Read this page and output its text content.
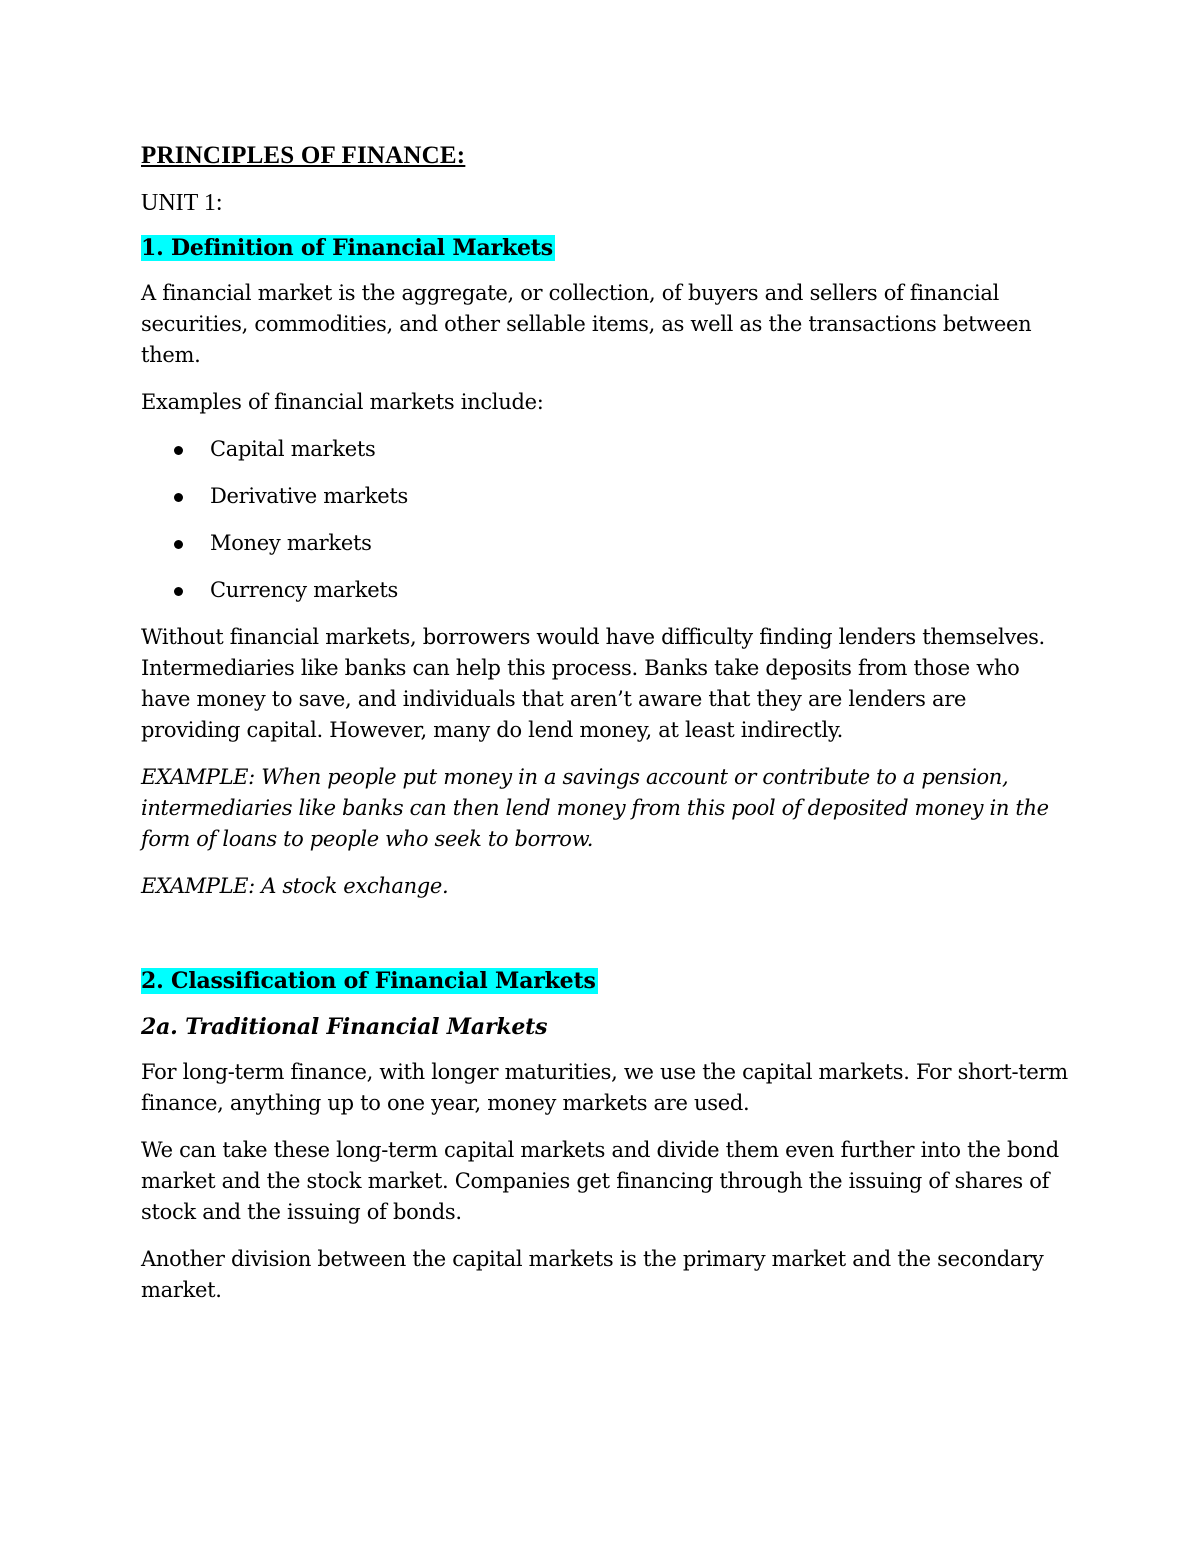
PRINCIPLES OF FINANCE:
UNIT 1:
1. Definition of Financial Markets

A financial market is the aggregate, or collection, of buyers and sellers of financial securities, commodities, and other sellable items, as well as the transactions between them.

Examples of financial markets include:

Capital markets
Derivative markets
Money markets
Currency markets

Without financial markets, borrowers would have difficulty finding lenders themselves. Intermediaries like banks can help this process. Banks take deposits from those who have money to save, and individuals that aren’t aware that they are lenders are providing capital. However, many do lend money, at least indirectly.

EXAMPLE: When people put money in a savings account or contribute to a pension, intermediaries like banks can then lend money from this pool of deposited money in the form of loans to people who seek to borrow.

EXAMPLE: A stock exchange.

2. Classification of Financial Markets
2a. Traditional Financial Markets

For long-term finance, with longer maturities, we use the capital markets. For short-term finance, anything up to one year, money markets are used.

We can take these long-term capital markets and divide them even further into the bond market and the stock market. Companies get financing through the issuing of shares of stock and the issuing of bonds.

Another division between the capital markets is the primary market and the secondary market.
